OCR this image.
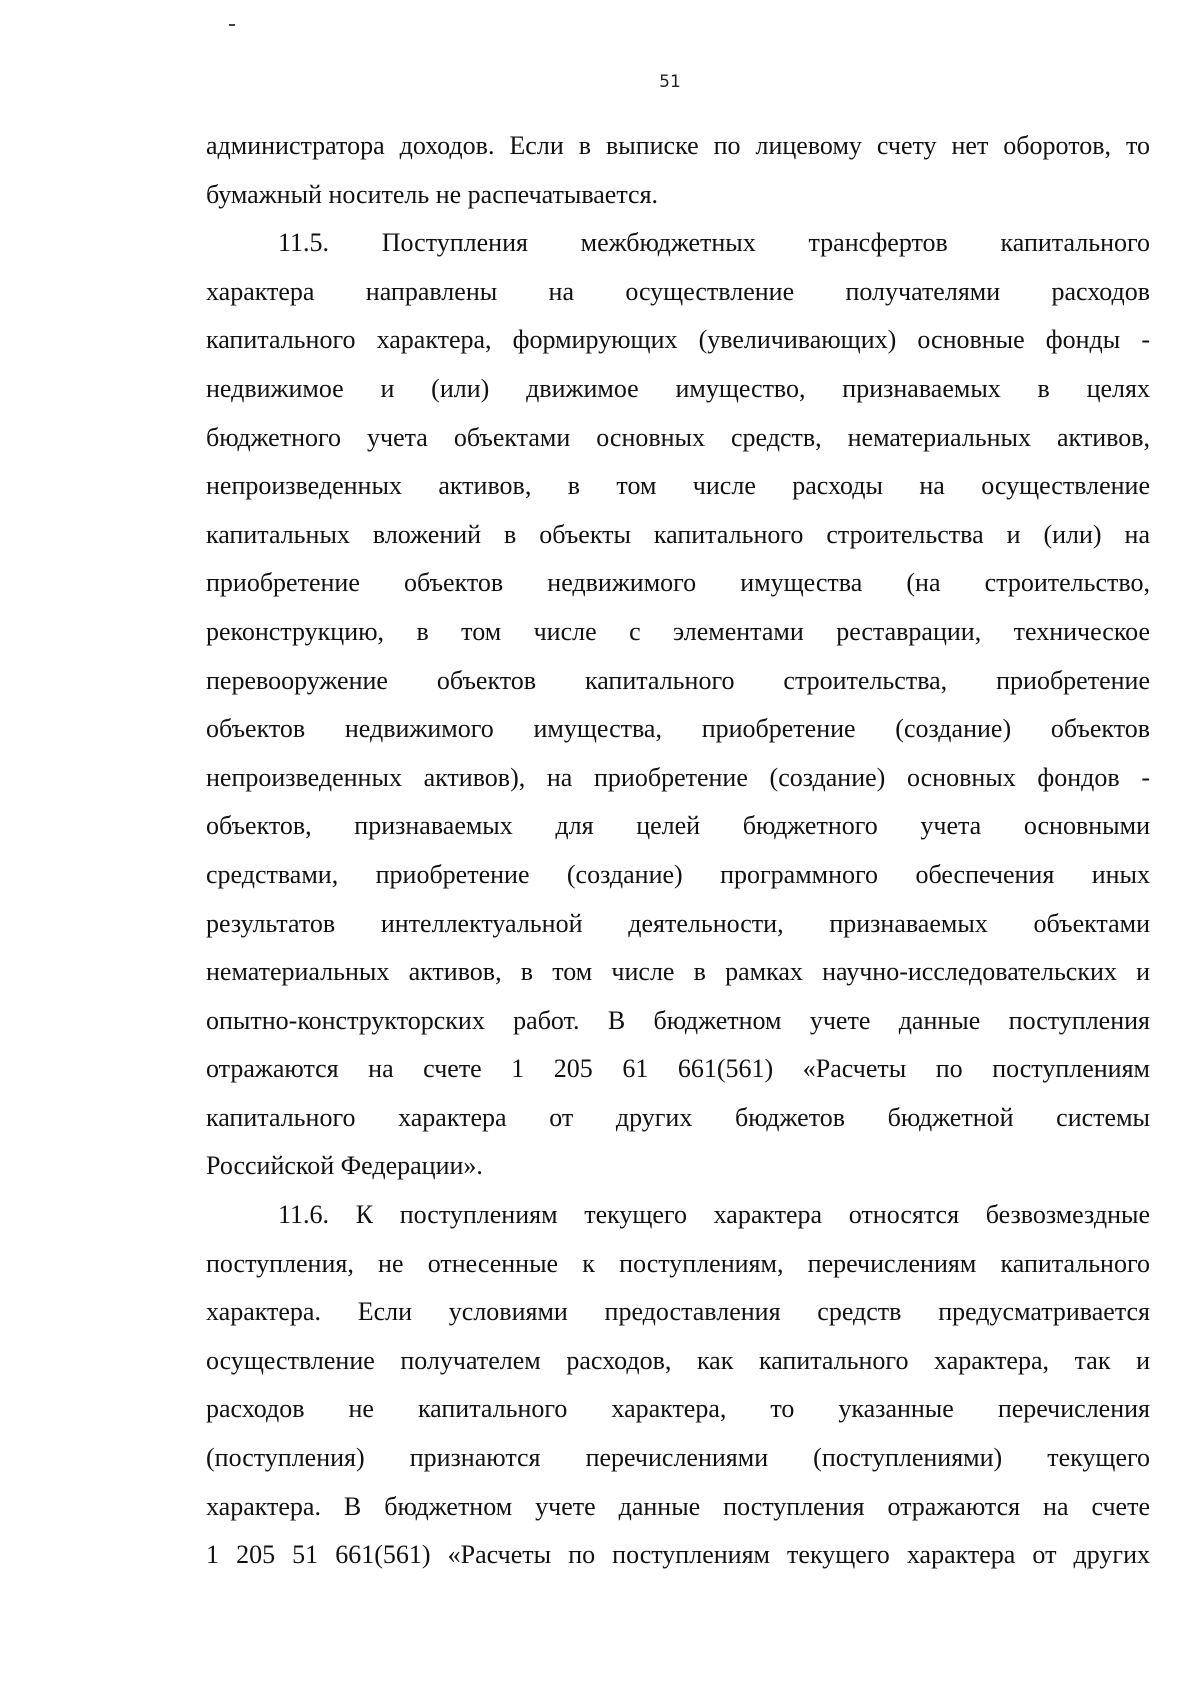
51
администратора доходов. Если в выписке по лицевому счету нет оборотов, то
бумажный носитель не распечатывается.
11.5. Поступления межбюджетных трансфертов капитального
характера направлены на осуществление получателями расходов
капитального характера, формирующих (увеличивающих) основные фонды -
недвижимое и (или) движимое имущество, признаваемых в целях
бюджетного учета объектами основных средств, нематериальных активов,
непроизведенных активов, в том числе расходы на осуществление
капитальных вложений в объекты капитального строительства и (или) на
приобретение объектов недвижимого имущества (на строительство,
реконструкцию, в том числе с элементами реставрации, техническое
перевооружение объектов капитального строительства, приобретение
объектов недвижимого имущества, приобретение (создание) объектов
непроизведенных активов), на приобретение (создание) основных фондов -
объектов, признаваемых для целей бюджетного учета основными
средствами, приобретение (создание) программного обеспечения иных
результатов интеллектуальной деятельности, признаваемых объектами
нематериальных активов, в том числе в рамках научно-исследовательских и
опытно-конструкторских работ. В бюджетном учете данные поступления
отражаются на счете 1 205 61 661(561) «Расчеты по поступлениям
капитального характера от других бюджетов бюджетной системы
Российской Федерации».
11.6. К поступлениям текущего характера относятся безвозмездные
поступления, не отнесенные к поступлениям, перечислениям капитального
характера. Если условиями предоставления средств предусматривается
осуществление получателем расходов, как капитального характера, так и
расходов не капитального характера, то указанные перечисления
(поступления) признаются перечислениями (поступлениями) текущего
характера. В бюджетном учете данные поступления отражаются на счете
1 205 51 661(561) «Расчеты по поступлениям текущего характера от других
